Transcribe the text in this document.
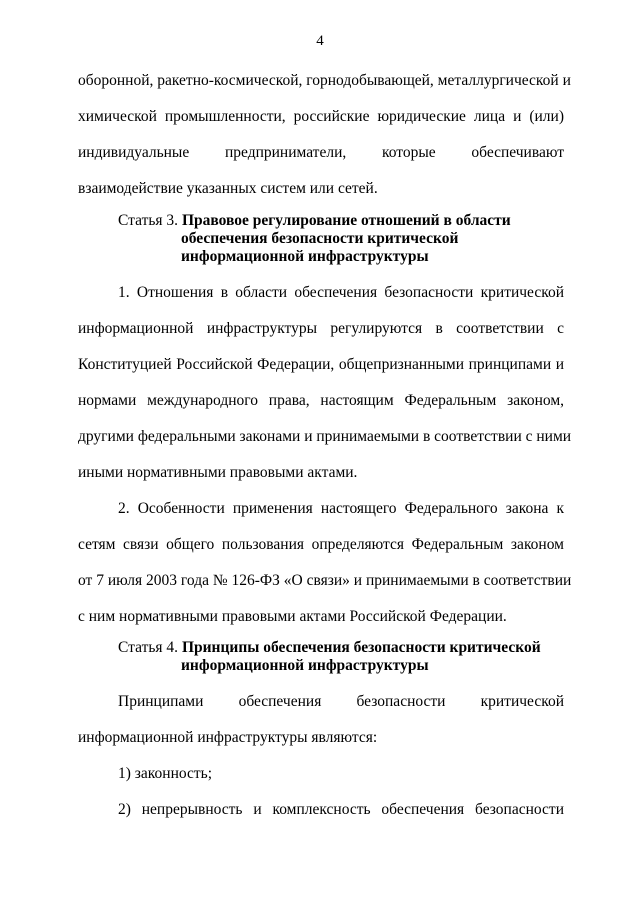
4
оборонной, ракетно-космической, горнодобывающей, металлургической и
химической промышленности, российские юридические лица и (или)
индивидуальные предприниматели, которые обеспечивают
взаимодействие указанных систем или сетей.
Статья 3. Правовое регулирование отношений в области
обеспечения безопасности критической
информационной инфраструктуры
1. Отношения в области обеспечения безопасности критической
информационной инфраструктуры регулируются в соответствии с
Конституцией Российской Федерации, общепризнанными принципами и
нормами международного права, настоящим Федеральным законом,
другими федеральными законами и принимаемыми в соответствии с ними
иными нормативными правовыми актами.
2. Особенности применения настоящего Федерального закона к
сетям связи общего пользования определяются Федеральным законом
от 7 июля 2003 года № 126-ФЗ «О связи» и принимаемыми в соответствии
с ним нормативными правовыми актами Российской Федерации.
Статья 4. Принципы обеспечения безопасности критической
информационной инфраструктуры
Принципами обеспечения безопасности критической
информационной инфраструктуры являются:
1) законность;
2) непрерывность и комплексность обеспечения безопасности
